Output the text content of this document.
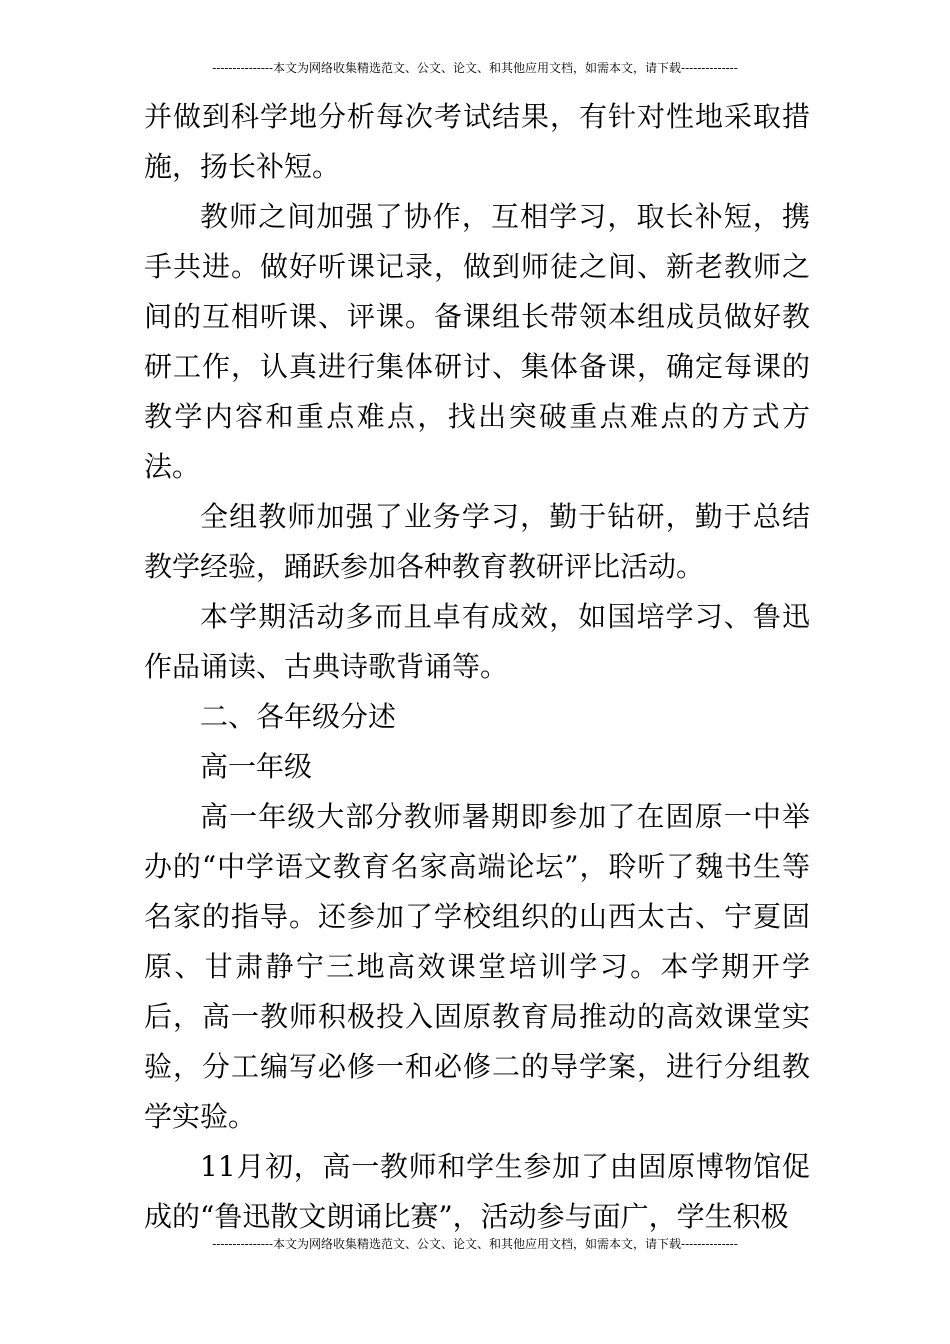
---------------本文为网络收集精选范文、公文、论文、和其他应用文档，如需本文，请下载--------------

并做到科学地分析每次考试结果，有针对性地采取措施，扬长补短。

教师之间加强了协作，互相学习，取长补短，携手共进。做好听课记录，做到师徒之间、新老教师之间的互相听课、评课。备课组长带领本组成员做好教研工作，认真进行集体研讨、集体备课，确定每课的教学内容和重点难点，找出突破重点难点的方式方法。

全组教师加强了业务学习，勤于钻研，勤于总结教学经验，踊跃参加各种教育教研评比活动。

本学期活动多而且卓有成效，如国培学习、鲁迅作品诵读、古典诗歌背诵等。

二、各年级分述

高一年级

高一年级大部分教师暑期即参加了在固原一中举办的“中学语文教育名家高端论坛”，聆听了魏书生等名家的指导。还参加了学校组织的山西太古、宁夏固原、甘肃静宁三地高效课堂培训学习。本学期开学后，高一教师积极投入固原教育局推动的高效课堂实验，分工编写必修一和必修二的导学案，进行分组教学实验。

11月初，高一教师和学生参加了由固原博物馆促成的“鲁迅散文朗诵比赛”，活动参与面广，学生积极

---------------本文为网络收集精选范文、公文、论文、和其他应用文档，如需本文，请下载--------------
